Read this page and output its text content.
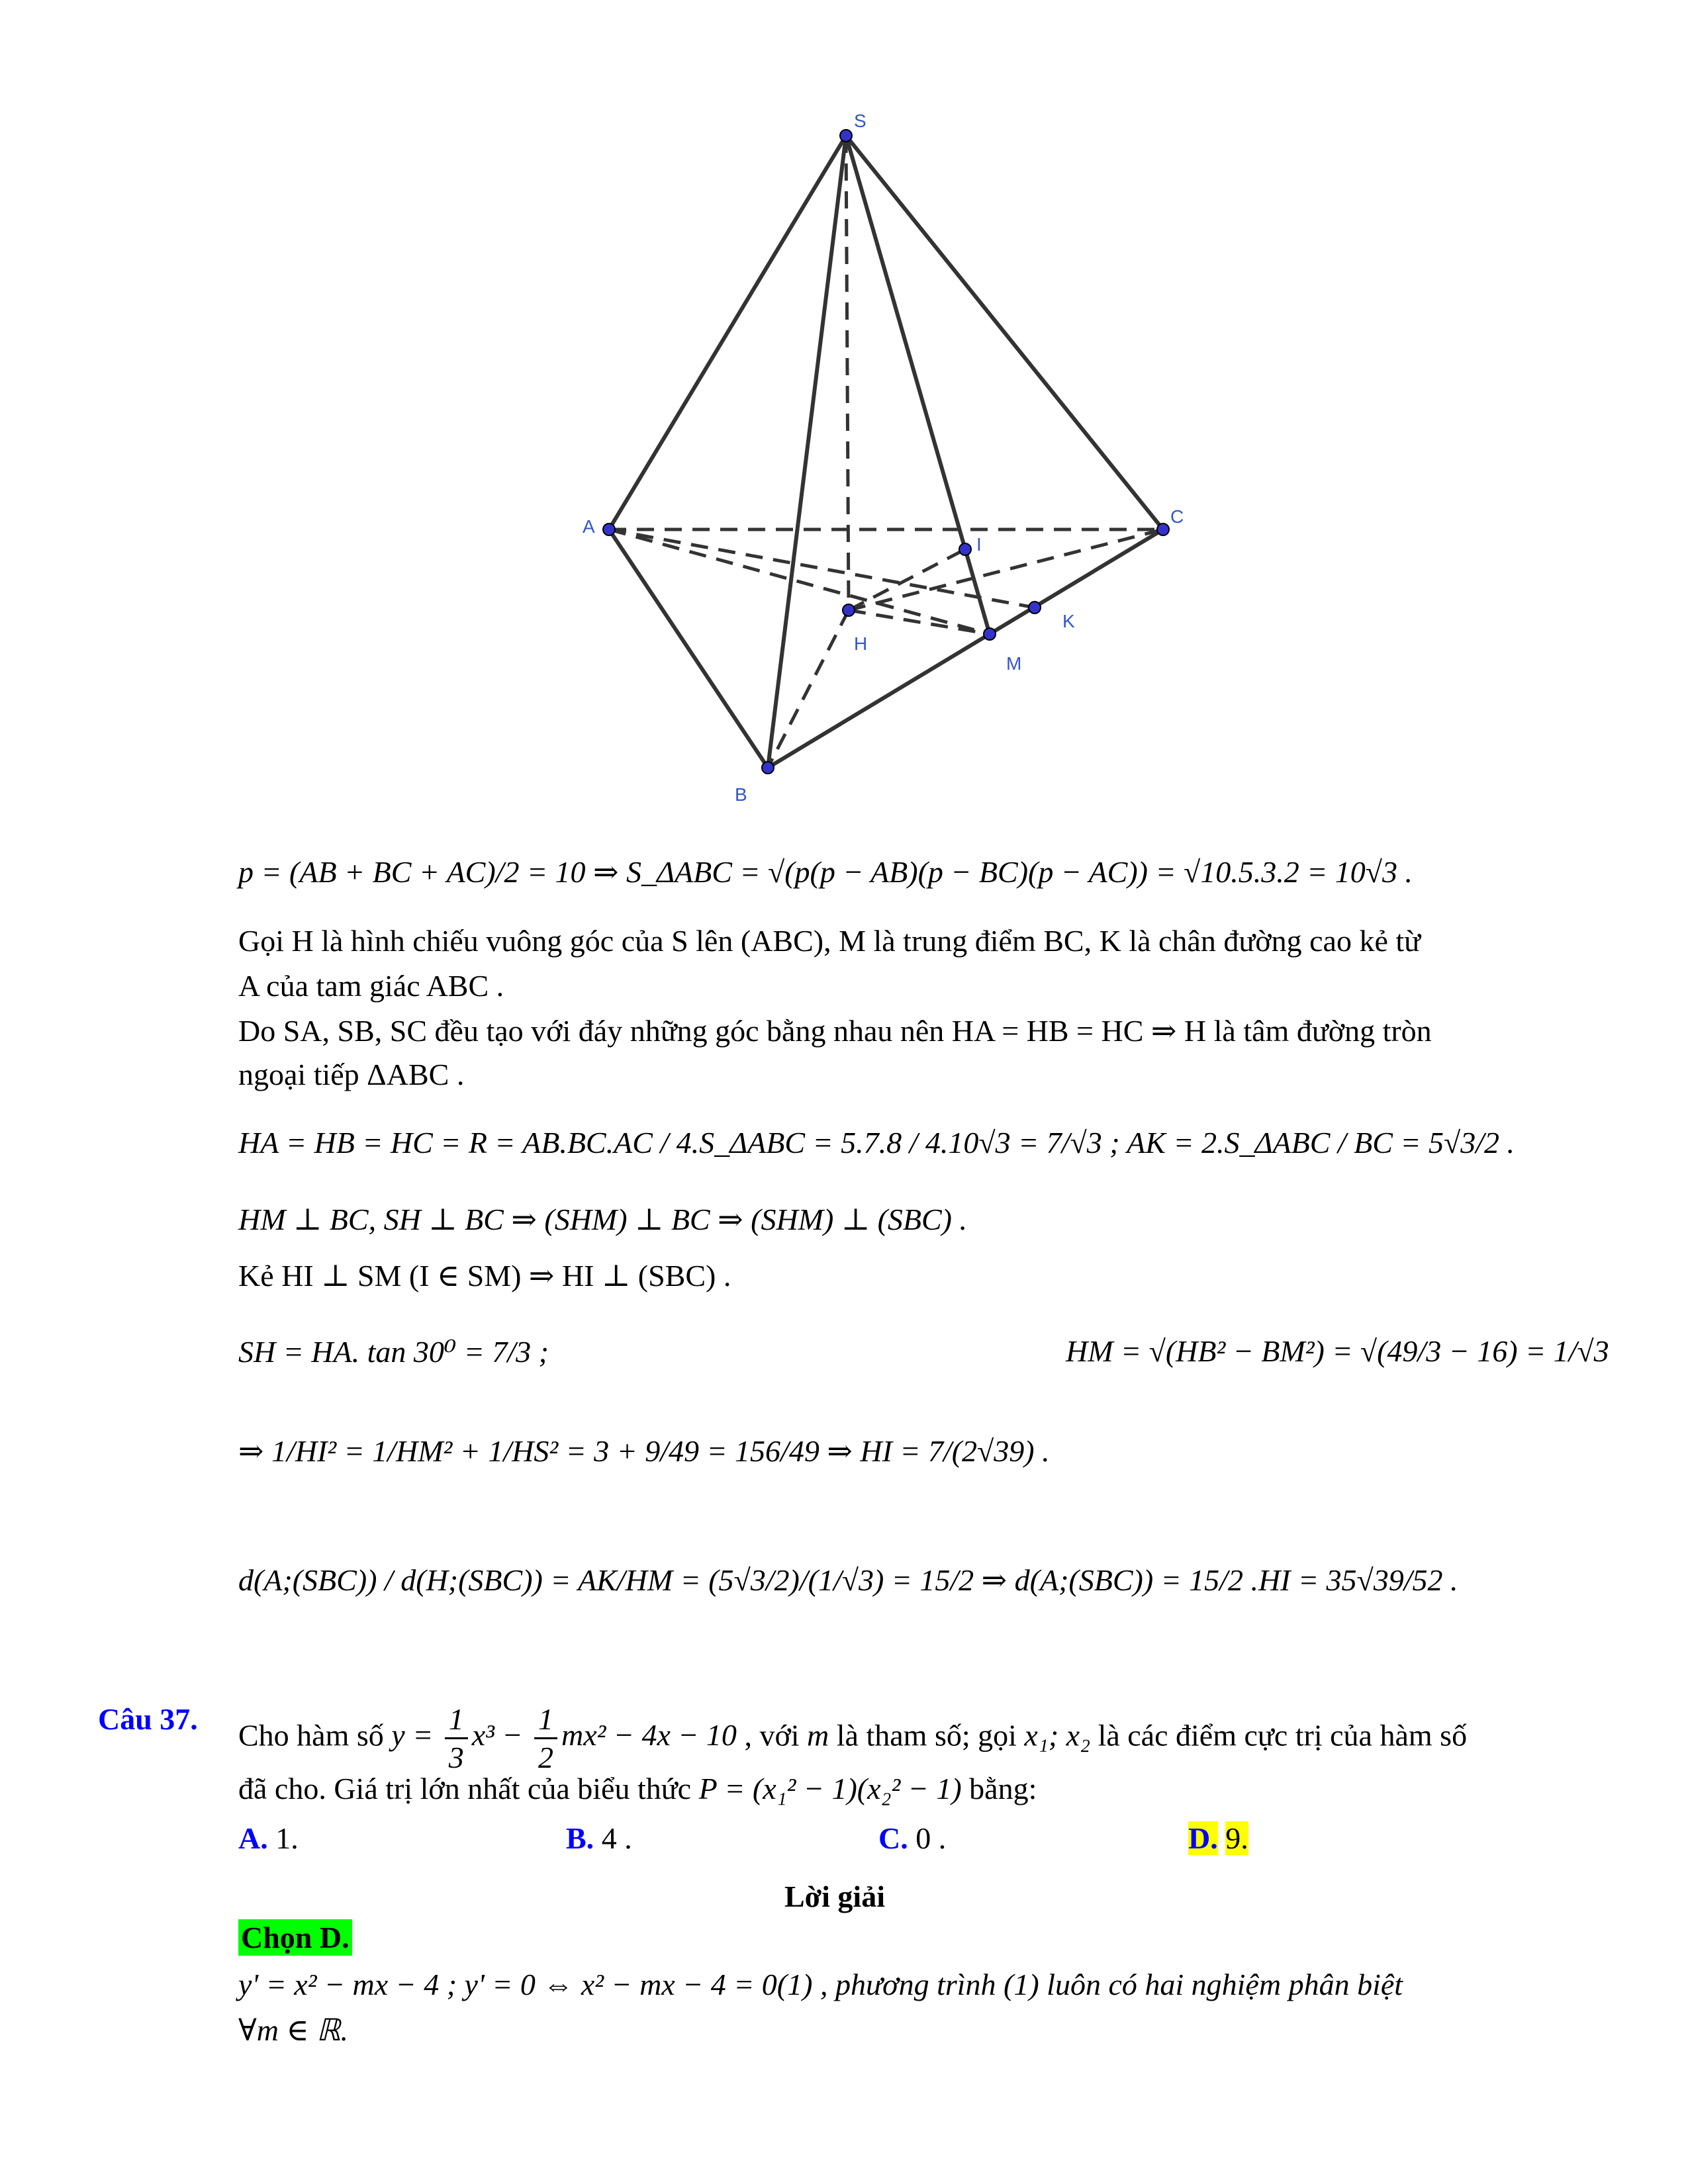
S
A	C
B
H
I
K
M
p = (AB + BC + AC)/2 = 10 ⇒ S_ΔABC = √(p(p − AB)(p − BC)(p − AC)) = √10.5.3.2 = 10√3 .
Gọi H là hình chiếu vuông góc của S lên (ABC), M là trung điểm BC, K là chân đường cao kẻ từ
A của tam giác ABC .
Do SA, SB, SC đều tạo với đáy những góc bằng nhau nên HA = HB = HC ⇒ H là tâm đường tròn
ngoại tiếp ΔABC .
HA = HB = HC = R = AB.BC.AC / 4.S_ΔABC = 5.7.8 / 4.10√3 = 7/√3 ; AK = 2.S_ΔABC / BC = 5√3/2 .
HM ⊥ BC, SH ⊥ BC ⇒ (SHM) ⊥ BC ⇒ (SHM) ⊥ (SBC) .
Kẻ HI ⊥ SM (I ∈ SM) ⇒ HI ⊥ (SBC) .
SH = HA. tan 30⁰ = 7/3 ;	HM = √(HB² − BM²) = √(49/3 − 16) = 1/√3
⇒ 1/HI² = 1/HM² + 1/HS² = 3 + 9/49 = 156/49 ⇒ HI = 7/(2√39) .
d(A;(SBC)) / d(H;(SBC)) = AK/HM = (5√3/2)/(1/√3) = 15/2 ⇒ d(A;(SBC)) = 15/2 .HI = 35√39/52 .
Câu 37. Cho hàm số $y = \frac{1}{3} x^3 - \frac{1}{2} mx^2 - 4x - 10$ , với m là tham số; gọi x₁; x₂ là các điểm cực trị của hàm số
đã cho. Giá trị lớn nhất của biểu thức P = (x₁² − 1)(x₂² − 1) bằng:
A. 1.	B. 4 .	C. 0 .	D. 9.
Lời giải
Chọn D.
y' = x² − mx − 4 ; y' = 0 ⇔ x² − mx − 4 = 0(1) , phương trình (1) luôn có hai nghiệm phân biệt
∀m ∈ ℝ.
